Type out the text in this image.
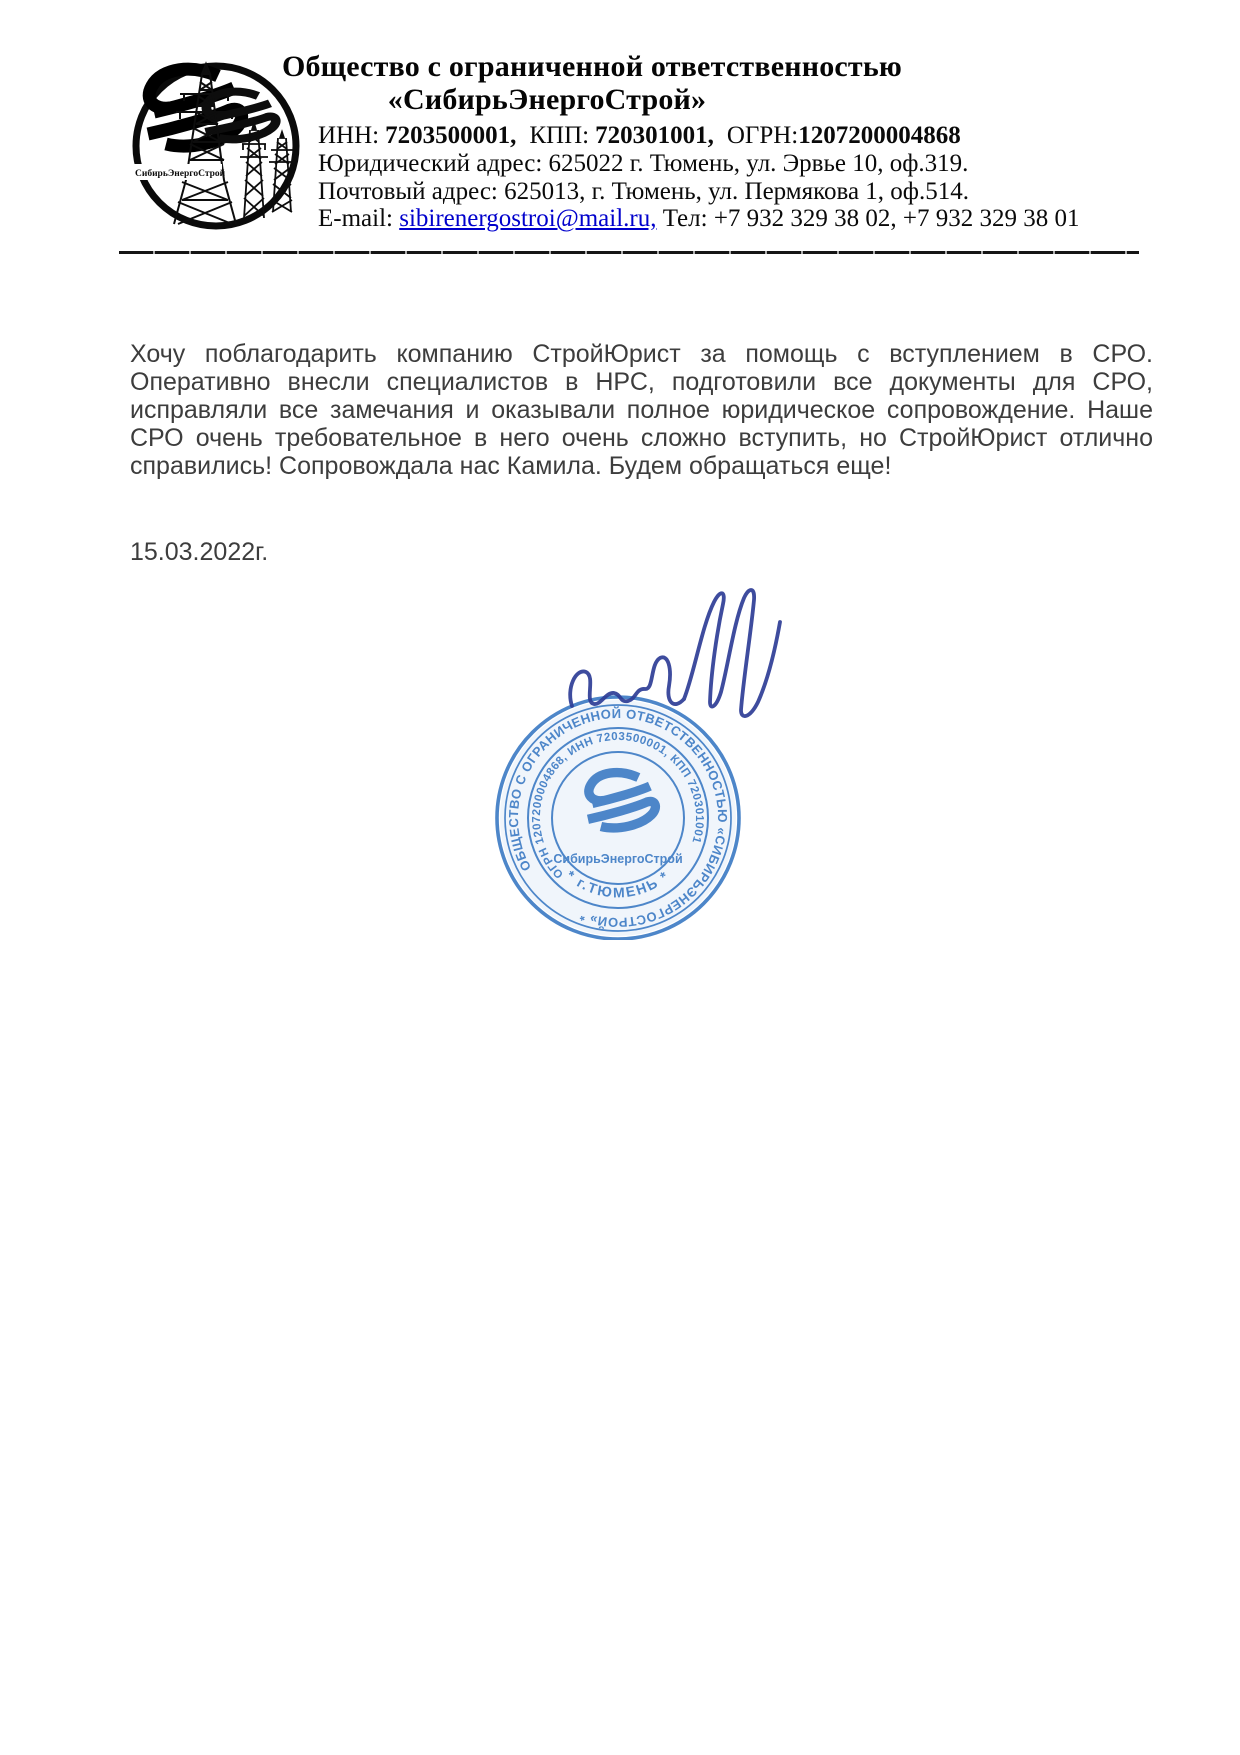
СибирьЭнергоСтрой
Общество с ограниченной ответственностью
«СибирьЭнергоСтрой»
ИНН: 7203500001, КПП: 720301001, ОГРН:1207200004868
Юридический адрес: 625022 г. Тюмень, ул. Эрвье 10, оф.319.
Почтовый адрес: 625013, г. Тюмень, ул. Пермякова 1, оф.514.
E-mail: sibirenergostroi@mail.ru, Тел: +7 932 329 38 02, +7 932 329 38 01

Хочу поблагодарить компанию СтройЮрист за помощь с вступлением в СРО. Оперативно внесли специалистов в НРС, подготовили все документы для СРО, исправляли все замечания и оказывали полное юридическое сопровождение. Наше СРО очень требовательное в него очень сложно вступить, но СтройЮрист отлично справились! Сопровождала нас Камила. Будем обращаться еще!

15.03.2022г.
ОБЩЕСТВО С ОГРАНИЧЕННОЙ ОТВЕТСТВЕННОСТЬЮ «СИБИРЬЭНЕРГОСТРОЙ» *
ОГРН 1207200004868, ИНН 7203500001, КПП 720301001
* г.ТЮМЕНЬ *
СибирьЭнергоСтрой
